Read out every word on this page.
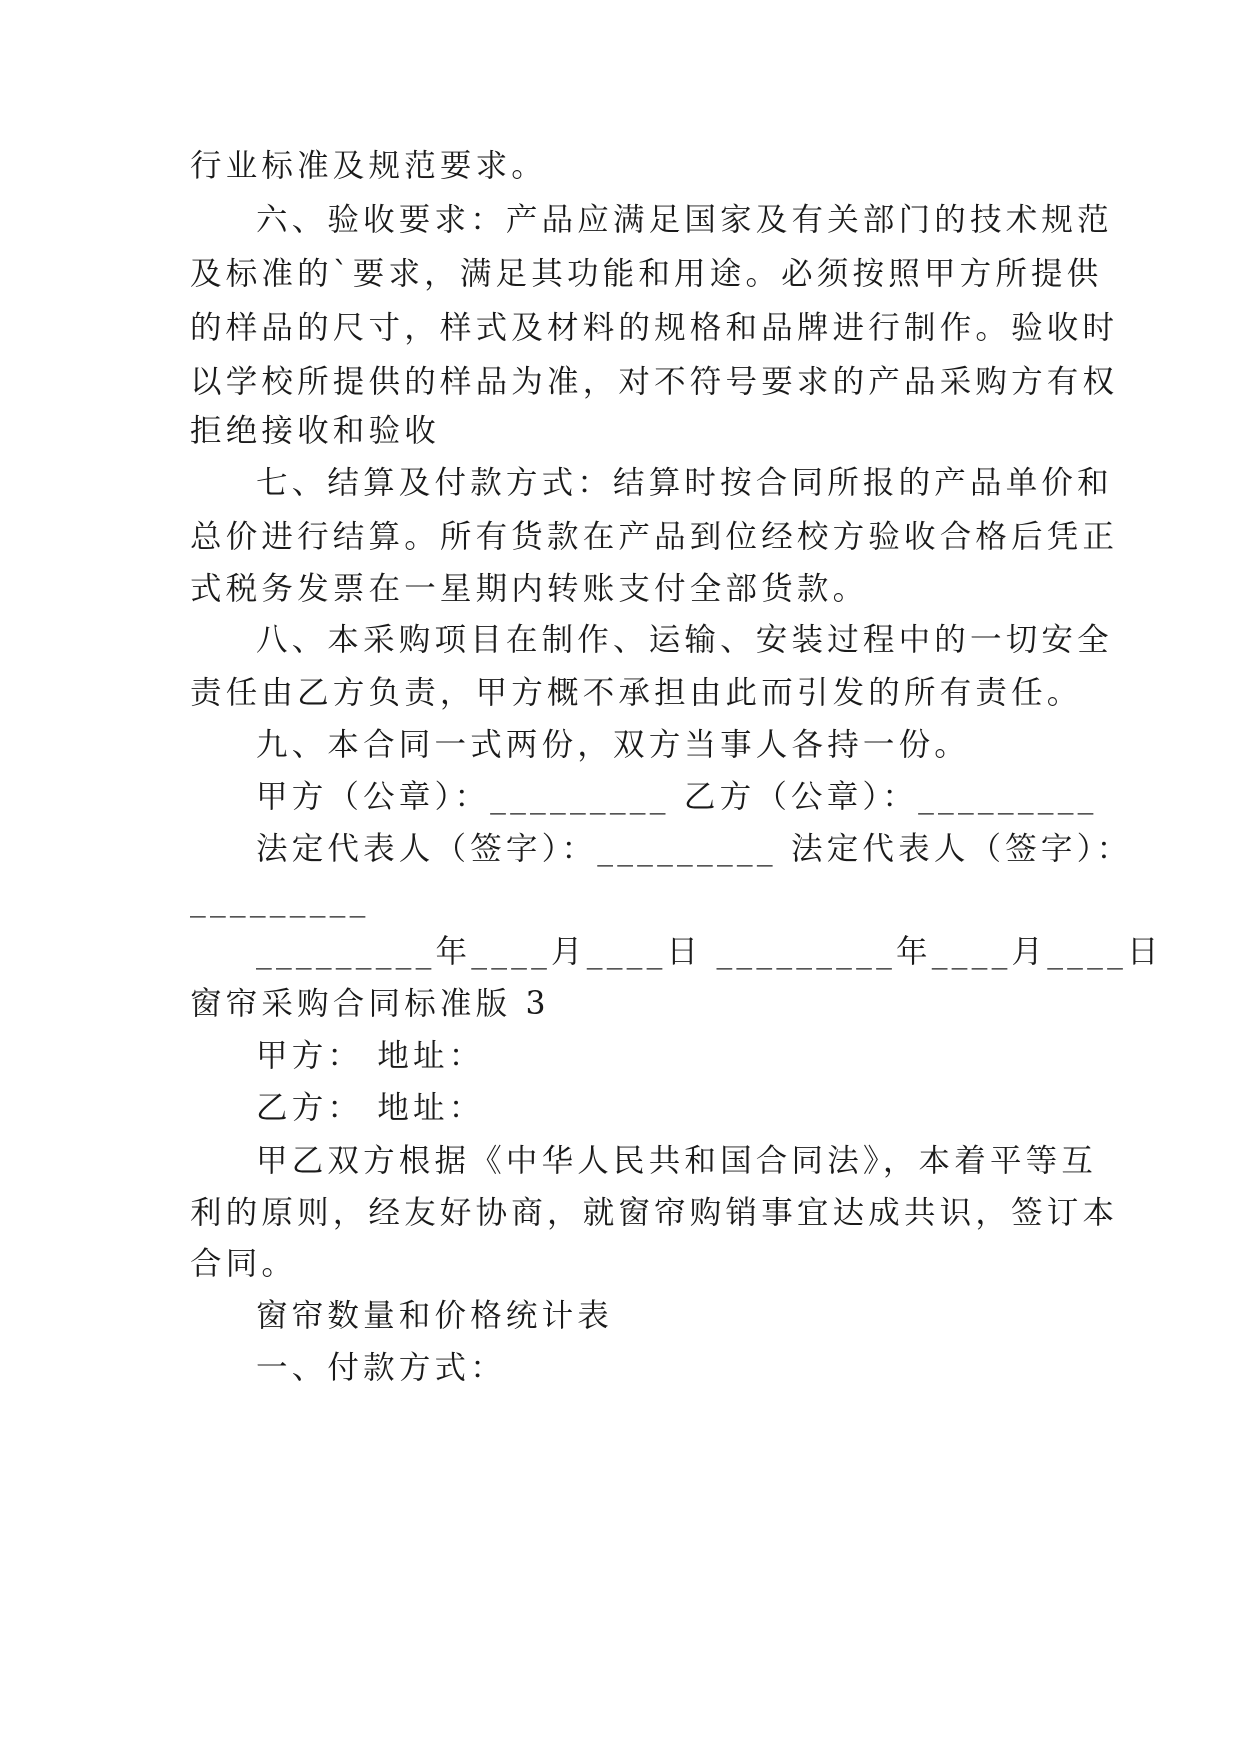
行业标准及规范要求。

六、验收要求：产品应满足国家及有关部门的技术规范

及标准的`要求，满足其功能和用途。必须按照甲方所提供

的样品的尺寸，样式及材料的规格和品牌进行制作。验收时

以学校所提供的样品为准，对不符号要求的产品采购方有权

拒绝接收和验收

七、结算及付款方式：结算时按合同所报的产品单价和

总价进行结算。所有货款在产品到位经校方验收合格后凭正

式税务发票在一星期内转账支付全部货款。

八、本采购项目在制作、运输、安装过程中的一切安全

责任由乙方负责，甲方概不承担由此而引发的所有责任。

九、本合同一式两份，双方当事人各持一份。

甲方（公章）：_________ 乙方（公章）：_________

法定代表人（签字）：_________ 法定代表人（签字）：

_________

_________年____月____日 _________年____月____日

窗帘采购合同标准版 3

甲方： 地址：

乙方： 地址：

甲乙双方根据《中华人民共和国合同法》，本着平等互

利的原则，经友好协商，就窗帘购销事宜达成共识，签订本

合同。

窗帘数量和价格统计表

一、付款方式：
